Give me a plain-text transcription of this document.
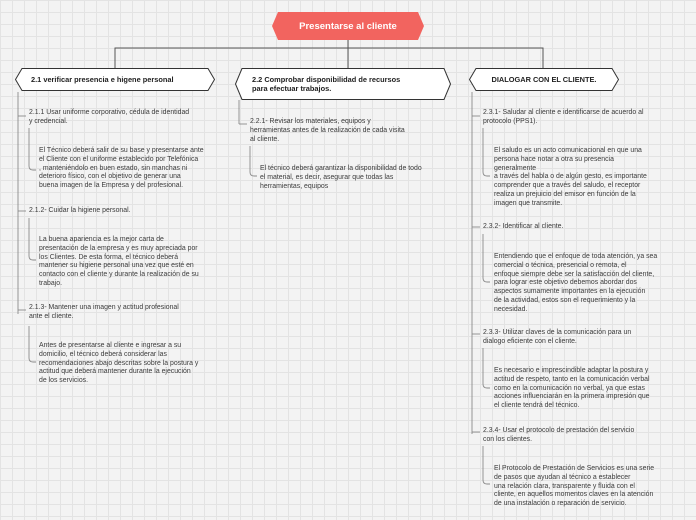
Presentarse al cliente
2.1 verificar presencia e higene personal	2.2 Comprobar disponibilidad de recursos
para efectuar trabajos.
DIALOGAR CON EL CLIENTE.
2.1.1 Usar uniforme corporativo, cédula de identidad
y credencial.
El Técnico deberá salir de su base y presentarse ante
el Cliente con el uniforme establecido por Telefónica
, manteniéndolo en buen estado, sin manchas ni
deterioro físico, con el objetivo de generar una
buena imagen de la Empresa y del profesional.
2.1.2- Cuidar la higiene personal.
La buena apariencia es la mejor carta de
presentación de la empresa y es muy apreciada por
los Clientes. De esta forma, el técnico deberá
mantener su higiene personal una vez que esté en
contacto con el cliente y durante la realización de su
trabajo.
2.1.3- Mantener una imagen y actitud profesional
ante el cliente.
Antes de presentarse al cliente e ingresar a su
domicilio, el técnico deberá considerar las
recomendaciones abajo descritas sobre la postura y
actitud que deberá mantener durante la ejecución
de los servicios.
2.2.1- Revisar los materiales, equipos y
herramientas antes de la realización de cada visita
al cliente.
El técnico deberá garantizar la disponibilidad de todo
el material, es decir, asegurar que todas las
herramientas, equipos
2.3.1- Saludar al cliente e identificarse de acuerdo al
protocolo (PPS1).
El saludo es un acto comunicacional en que una
persona hace notar a otra su presencia
generalmente
a través del habla o de algún gesto, es importante
comprender que a través del saludo, el receptor
realiza un prejuicio del emisor en función de la
imagen que transmite.
2.3.2- Identificar al cliente.
Entendiendo que el enfoque de toda atención, ya sea
comercial o técnica, presencial o remota, el
enfoque siempre debe ser la satisfacción del cliente,
para lograr este objetivo debemos abordar dos
aspectos sumamente importantes en la ejecución
de la actividad, estos son el requerimiento y la
necesidad.
2.3.3- Utilizar claves de la comunicación para un
dialogo eficiente con el cliente.
Es necesario e imprescindible adaptar la postura y
actitud de respeto, tanto en la comunicación verbal
como en la comunicación no verbal, ya que estas
acciones influenciarán en la primera impresión que
el cliente tendrá del técnico.
2.3.4- Usar el protocolo de prestación del servicio
con los clientes.
El Protocolo de Prestación de Servicios es una serie
de pasos que ayudan al técnico a establecer
una relación clara, transparente y fluida con el
cliente, en aquellos momentos claves en la atención
de una instalación o reparación de servicio.
